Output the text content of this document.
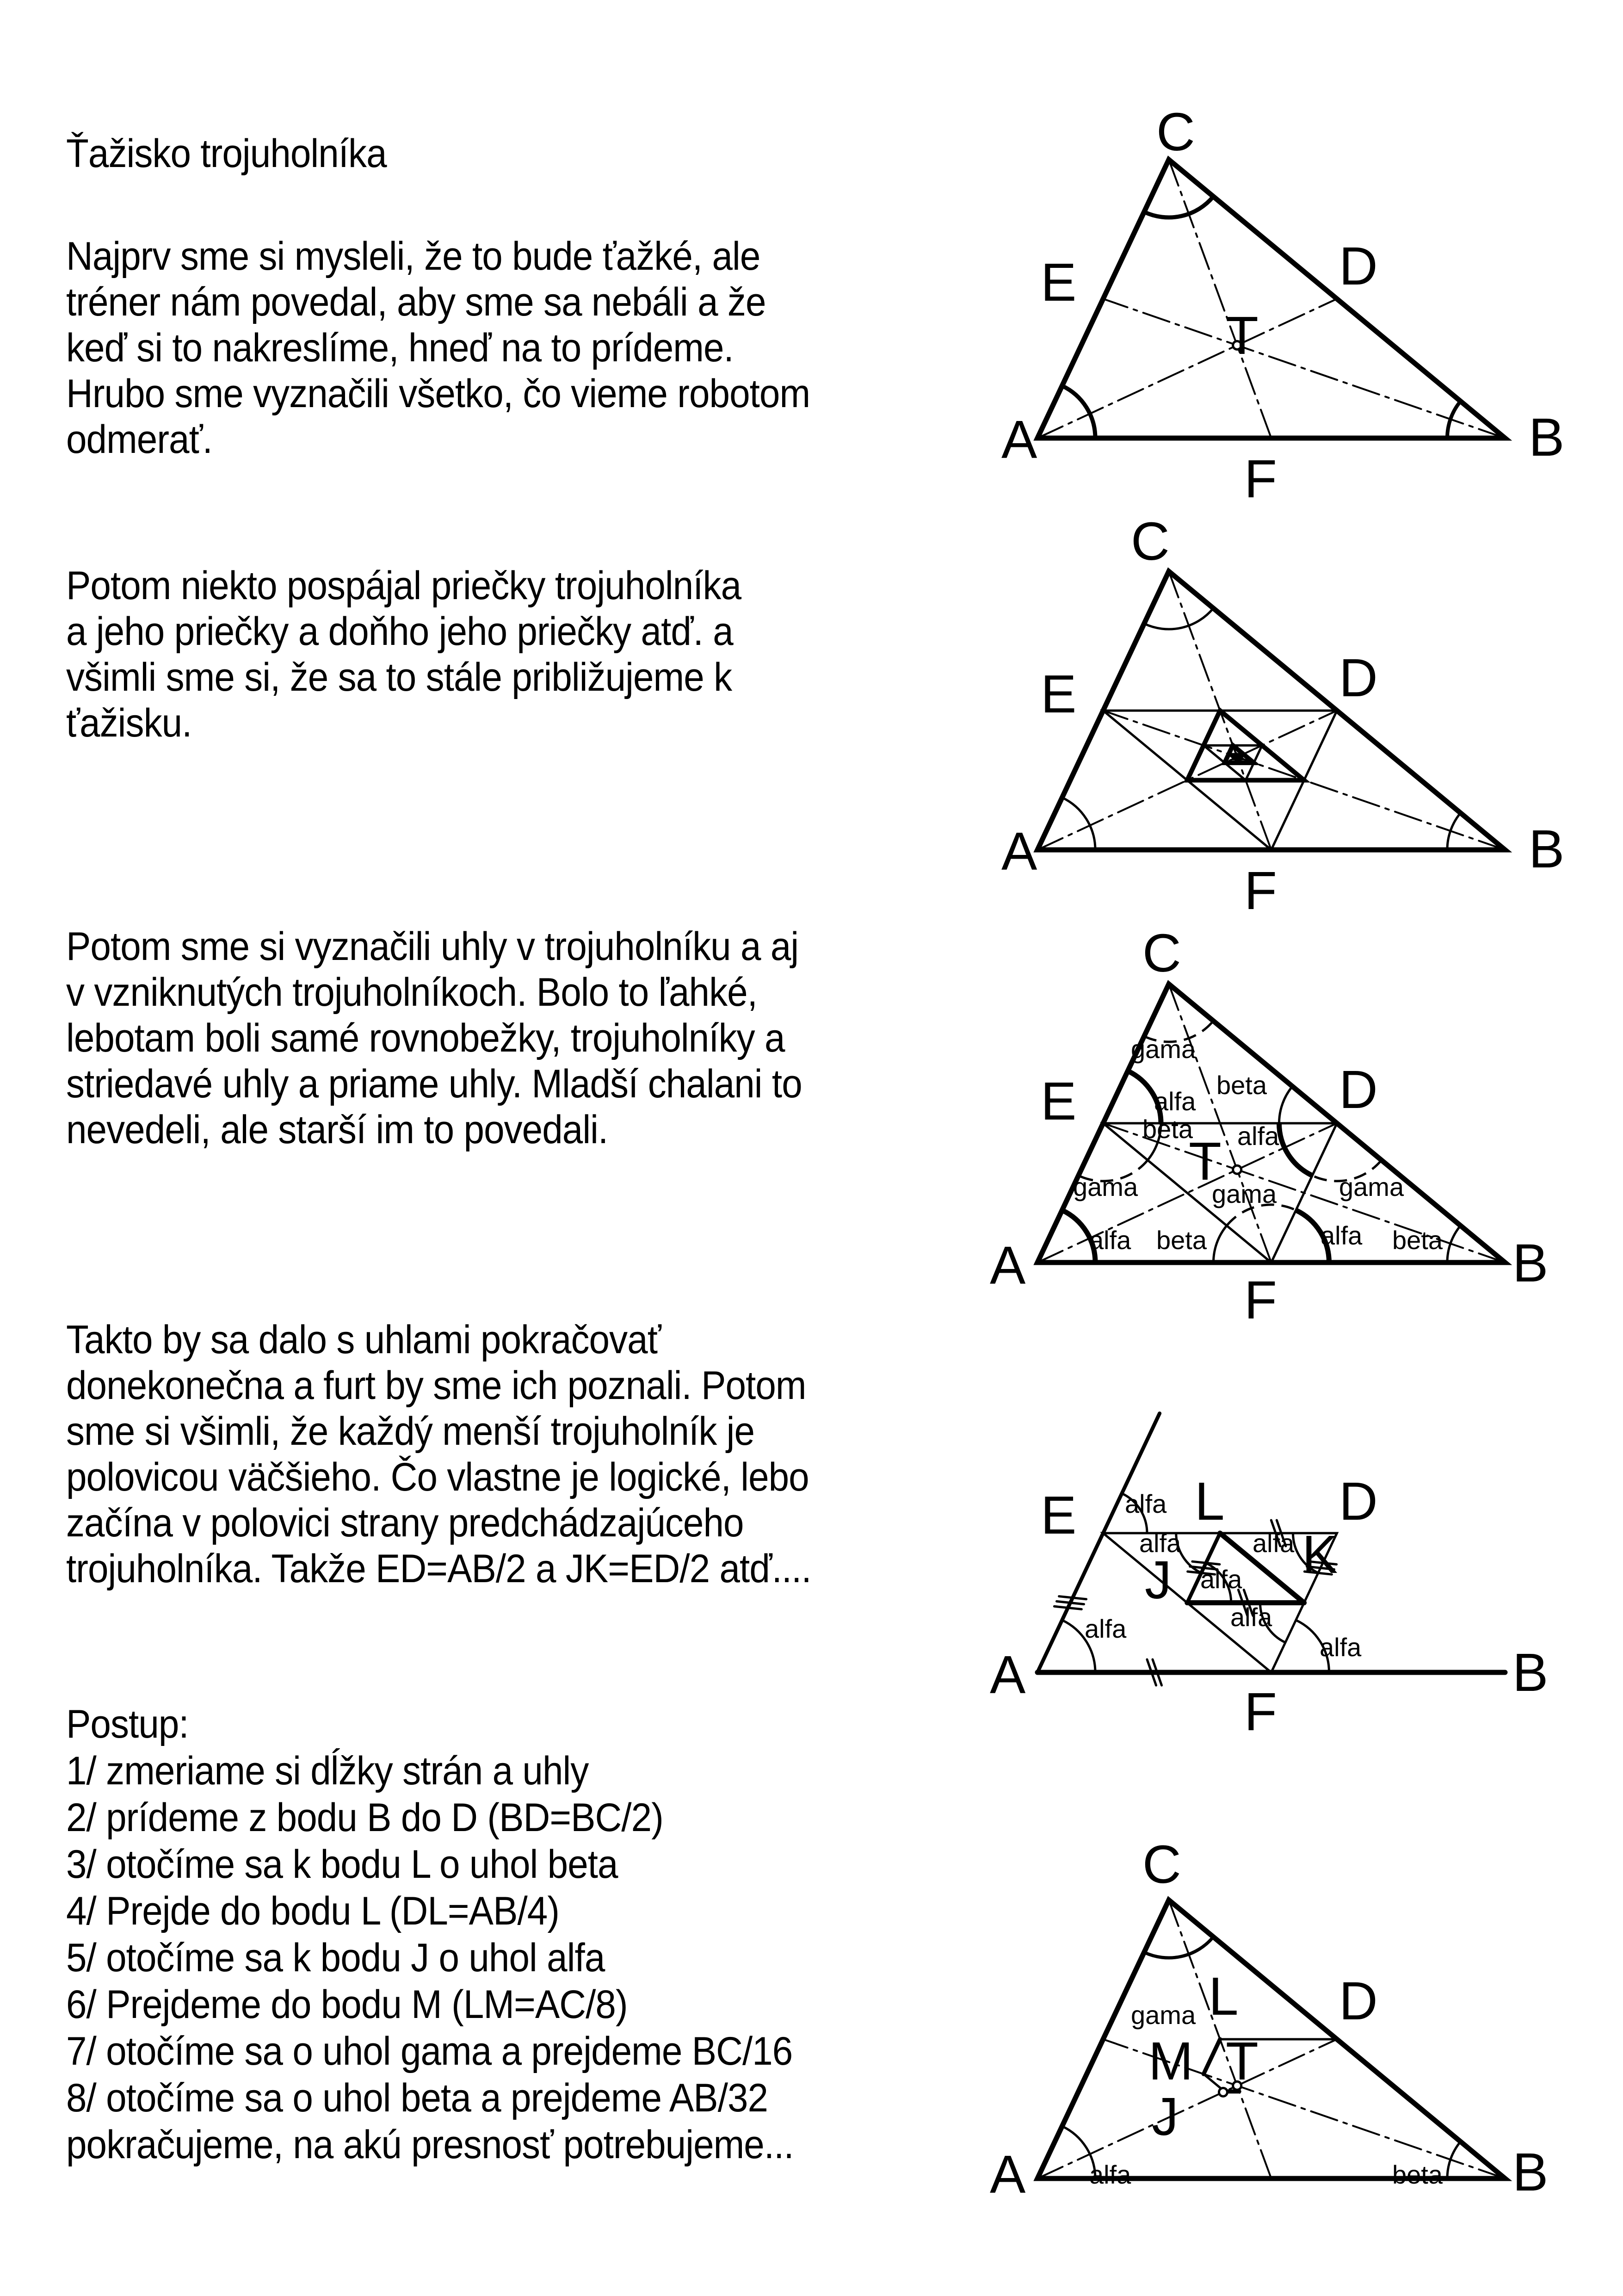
Ťažisko trojuholníka
Najprv sme si mysleli, že to bude ťažké, ale
tréner nám povedal, aby sme sa nebáli a že
keď si to nakreslíme, hneď na to prídeme.
Hrubo sme vyznačili všetko, čo vieme robotom
odmerať.
Potom niekto pospájal priečky trojuholníka
a jeho priečky a doňho jeho priečky atď. a
všimli sme si, že sa to stále približujeme k
ťažisku.
Potom sme si vyznačili uhly v trojuholníku a aj
v vzniknutých trojuholníkoch. Bolo to ľahké,
lebotam boli samé rovnobežky, trojuholníky a
striedavé uhly a priame uhly. Mladší chalani to
nevedeli, ale starší im to povedali.
Takto by sa dalo s uhlami pokračovať
donekonečna a furt by sme ich poznali. Potom
sme si všimli, že každý menší trojuholník je
polovicou väčšieho. Čo vlastne je logické, lebo
začína v polovici strany predchádzajúceho
trojuholníka. Takže ED=AB/2 a JK=ED/2 atď....
Postup:
1/ zmeriame si dĺžky strán a uhly
2/ prídeme z bodu B do D (BD=BC/2)
3/ otočíme sa k bodu L o uhol beta
4/ Prejde do bodu L (DL=AB/4)
5/ otočíme sa k bodu J o uhol alfa
6/ Prejdeme do bodu M (LM=AC/8)
7/ otočíme sa o uhol gama a prejdeme BC/16
8/ otočíme sa o uhol beta a prejdeme AB/32
pokračujeme, na akú presnosť potrebujeme...
C
A	B
D
E
F
T
C
A	B
D
E
F
C
A	B
D
E
F
T
gama
beta
alfa
beta alfa
gama	gama gama
alfa beta	alfa beta
A	B
D
E
F
J K
L
alfa
alfa	alfa
alfa
alfa
alfa
alfa
C
A	B
D
L
M T
J
gama
alfa	beta
